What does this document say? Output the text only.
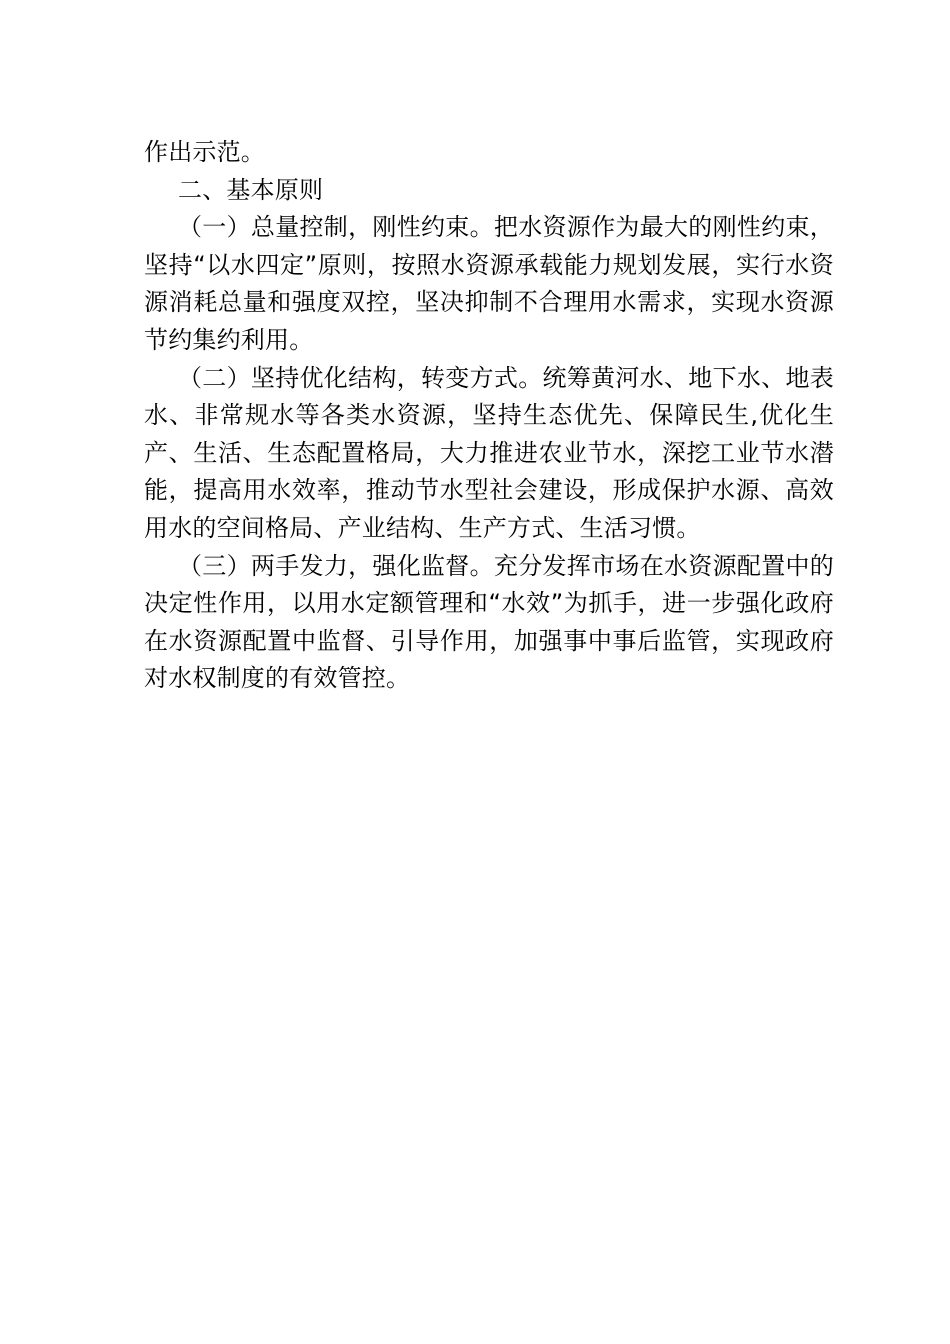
作出示范。

二、基本原则

（一）总量控制，刚性约束。把水资源作为最大的刚性约束，坚持“以水四定”原则，按照水资源承载能力规划发展，实行水资源消耗总量和强度双控，坚决抑制不合理用水需求，实现水资源节约集约利用。

（二）坚持优化结构，转变方式。统筹黄河水、地下水、地表水、非常规水等各类水资源，坚持生态优先、保障民生,优化生产、生活、生态配置格局，大力推进农业节水，深挖工业节水潜能，提高用水效率，推动节水型社会建设，形成保护水源、高效用水的空间格局、产业结构、生产方式、生活习惯。

（三）两手发力，强化监督。充分发挥市场在水资源配置中的决定性作用，以用水定额管理和“水效”为抓手，进一步强化政府在水资源配置中监督、引导作用，加强事中事后监管，实现政府对水权制度的有效管控。
